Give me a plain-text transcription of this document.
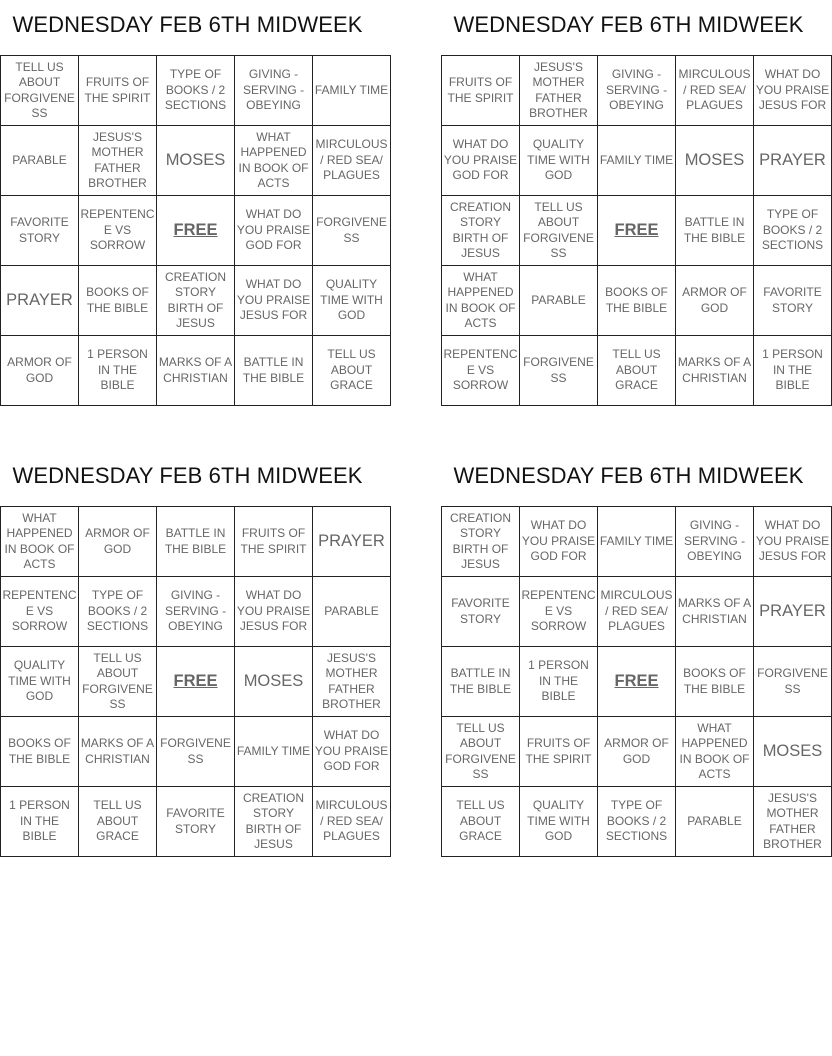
WEDNESDAY FEB 6TH MIDWEEK
TELL US ABOUT FORGIVENESS	FRUITS OF THE SPIRIT	TYPE OF BOOKS / 2 SECTIONS	GIVING - SERVING - OBEYING	FAMILY TIME
PARABLE	JESUS'S MOTHER FATHER BROTHER	MOSES	WHAT HAPPENED IN BOOK OF ACTS	MIRCULOUS/ RED SEA/ PLAGUES
FAVORITE STORY	REPENTENCE VS SORROW	FREE	WHAT DO YOU PRAISE GOD FOR	FORGIVENESS
PRAYER	BOOKS OF THE BIBLE	CREATION STORY BIRTH OF JESUS	WHAT DO YOU PRAISE JESUS FOR	QUALITY TIME WITH GOD
ARMOR OF GOD	1 PERSON IN THE BIBLE	MARKS OF A CHRISTIAN	BATTLE IN THE BIBLE	TELL US ABOUT GRACE
WEDNESDAY FEB 6TH MIDWEEK
FRUITS OF THE SPIRIT	JESUS'S MOTHER FATHER BROTHER	GIVING - SERVING - OBEYING	MIRCULOUS/ RED SEA/ PLAGUES	WHAT DO YOU PRAISE JESUS FOR
WHAT DO YOU PRAISE GOD FOR	QUALITY TIME WITH GOD	FAMILY TIME	MOSES	PRAYER
CREATION STORY BIRTH OF JESUS	TELL US ABOUT FORGIVENESS	FREE	BATTLE IN THE BIBLE	TYPE OF BOOKS / 2 SECTIONS
WHAT HAPPENED IN BOOK OF ACTS	PARABLE	BOOKS OF THE BIBLE	ARMOR OF GOD	FAVORITE STORY
REPENTENCE VS SORROW	FORGIVENESS	TELL US ABOUT GRACE	MARKS OF A CHRISTIAN	1 PERSON IN THE BIBLE
WEDNESDAY FEB 6TH MIDWEEK
WHAT HAPPENED IN BOOK OF ACTS	ARMOR OF GOD	BATTLE IN THE BIBLE	FRUITS OF THE SPIRIT	PRAYER
REPENTENCE VS SORROW	TYPE OF BOOKS / 2 SECTIONS	GIVING - SERVING - OBEYING	WHAT DO YOU PRAISE JESUS FOR	PARABLE
QUALITY TIME WITH GOD	TELL US ABOUT FORGIVENESS	FREE	MOSES	JESUS'S MOTHER FATHER BROTHER
BOOKS OF THE BIBLE	MARKS OF A CHRISTIAN	FORGIVENESS	FAMILY TIME	WHAT DO YOU PRAISE GOD FOR
1 PERSON IN THE BIBLE	TELL US ABOUT GRACE	FAVORITE STORY	CREATION STORY BIRTH OF JESUS	MIRCULOUS/ RED SEA/ PLAGUES
WEDNESDAY FEB 6TH MIDWEEK
CREATION STORY BIRTH OF JESUS	WHAT DO YOU PRAISE GOD FOR	FAMILY TIME	GIVING - SERVING - OBEYING	WHAT DO YOU PRAISE JESUS FOR
FAVORITE STORY	REPENTENCE VS SORROW	MIRCULOUS/ RED SEA/ PLAGUES	MARKS OF A CHRISTIAN	PRAYER
BATTLE IN THE BIBLE	1 PERSON IN THE BIBLE	FREE	BOOKS OF THE BIBLE	FORGIVENESS
TELL US ABOUT FORGIVENESS	FRUITS OF THE SPIRIT	ARMOR OF GOD	WHAT HAPPENED IN BOOK OF ACTS	MOSES
TELL US ABOUT GRACE	QUALITY TIME WITH GOD	TYPE OF BOOKS / 2 SECTIONS	PARABLE	JESUS'S MOTHER FATHER BROTHER
